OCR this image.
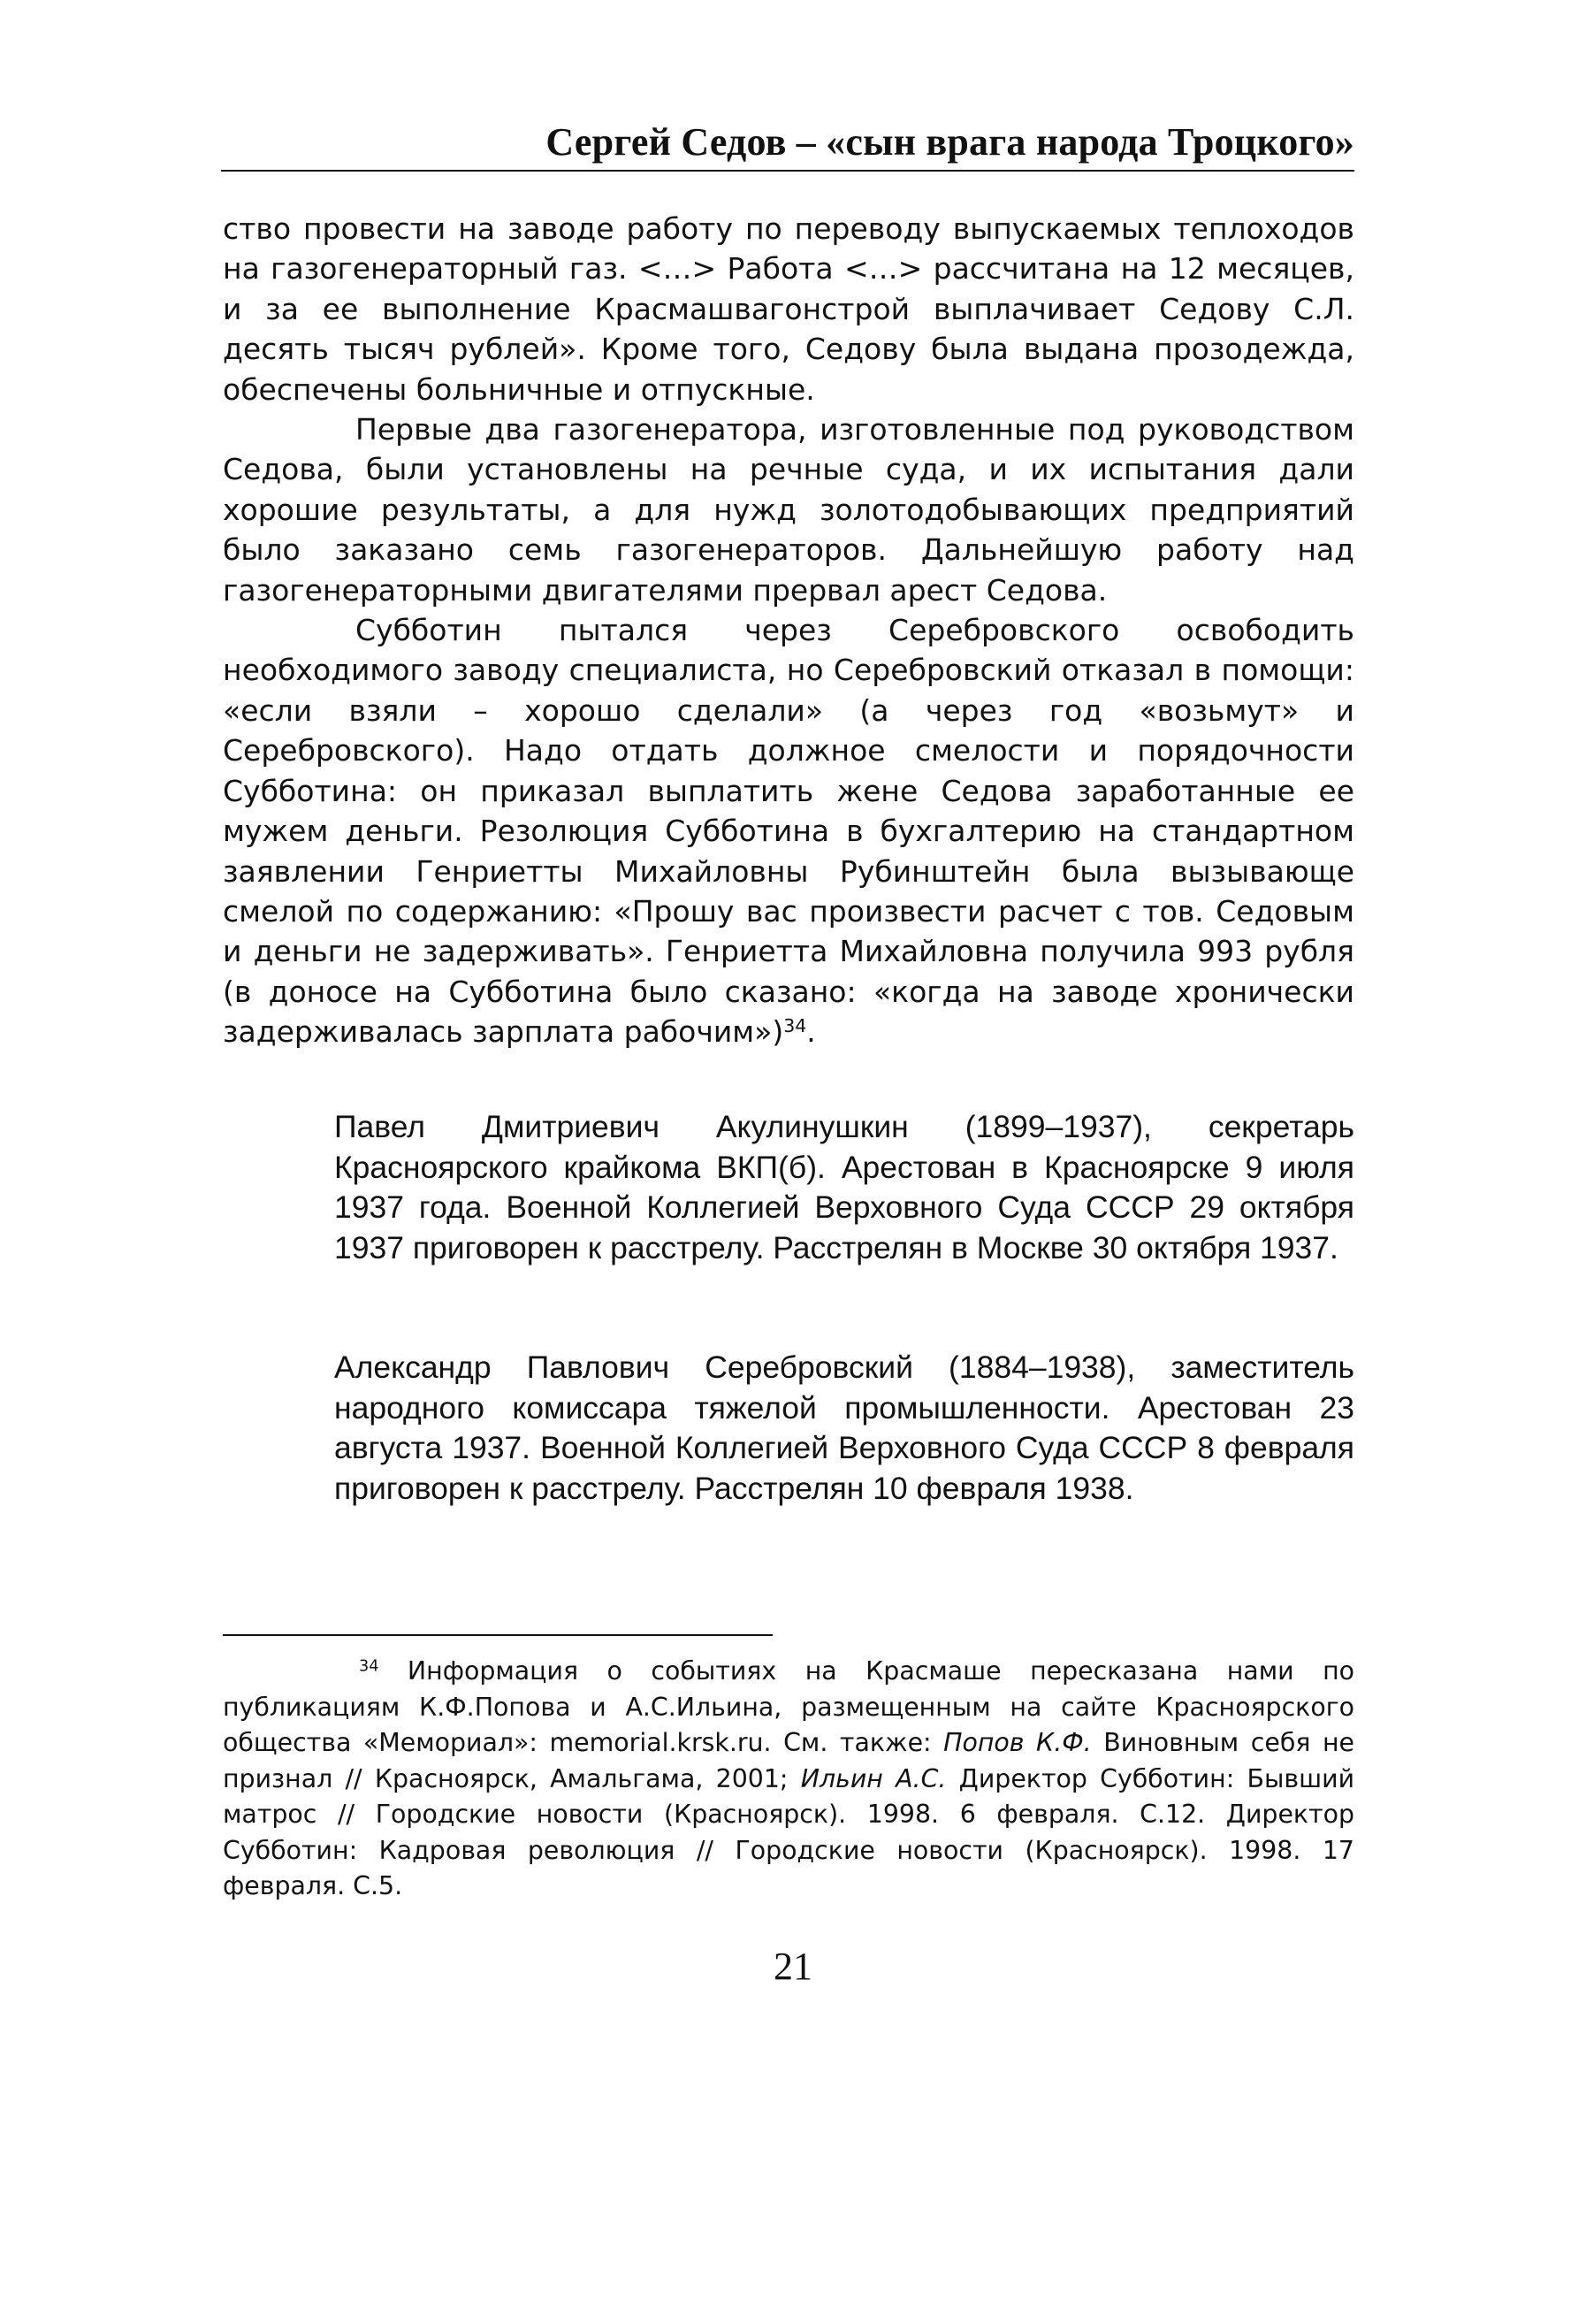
Сергей Седов – «сын врага народа Троцкого»

ство провести на заводе работу по переводу выпускаемых теплоходов на газогенераторный газ. <…> Работа <…> рассчитана на 12 месяцев, и за ее выполнение Красмашвагонстрой выплачивает Седову С.Л. десять тысяч рублей». Кроме того, Седову была выдана прозодежда, обеспечены больничные и отпускные.

Первые два газогенератора, изготовленные под руководством Седова, были установлены на речные суда, и их испытания дали хорошие результаты, а для нужд золотодобывающих предприятий было заказано семь газогенераторов. Дальнейшую работу над газогенераторными двигателями прервал арест Седова.

Субботин пытался через Серебровского освободить необходимого заводу специалиста, но Серебровский отказал в помощи: «если взяли – хорошо сделали» (а через год «возьмут» и Серебровского). Надо отдать должное смелости и порядочности Субботина: он приказал выплатить жене Седова заработанные ее мужем деньги. Резолюция Субботина в бухгалтерию на стандартном заявлении Генриетты Михайловны Рубинштейн была вызывающе смелой по содержанию: «Прошу вас произвести расчет с тов. Седовым и деньги не задерживать». Генриетта Михайловна получила 993 рубля (в доносе на Субботина было сказано: «когда на заводе хронически задерживалась зарплата рабочим»)$^{34}$.

Павел Дмитриевич Акулинушкин (1899–1937), секретарь Красноярского крайкома ВКП(б). Арестован в Красноярске 9 июля 1937 года. Военной Коллегией Верховного Суда СССР 29 октября 1937 приговорен к расстрелу. Расстрелян в Москве 30 октября 1937.

Александр Павлович Серебровский (1884–1938), заместитель народного комиссара тяжелой промышленности. Арестован 23 августа 1937. Военной Коллегией Верховного Суда СССР 8 февраля приговорен к расстрелу. Расстрелян 10 февраля 1938.

$^{34}$ Информация о событиях на Красмаше пересказана нами по публикациям К.Ф.Попова и А.С.Ильина, размещенным на сайте Красноярского общества «Мемориал»: memorial.krsk.ru. См. также: Попов К.Ф. Виновным себя не признал // Красноярск, Амальгама, 2001; Ильин А.С. Директор Субботин: Бывший матрос // Городские новости (Красноярск). 1998. 6 февраля. С.12. Директор Субботин: Кадровая революция // Городские новости (Красноярск). 1998. 17 февраля. С.5.

21
